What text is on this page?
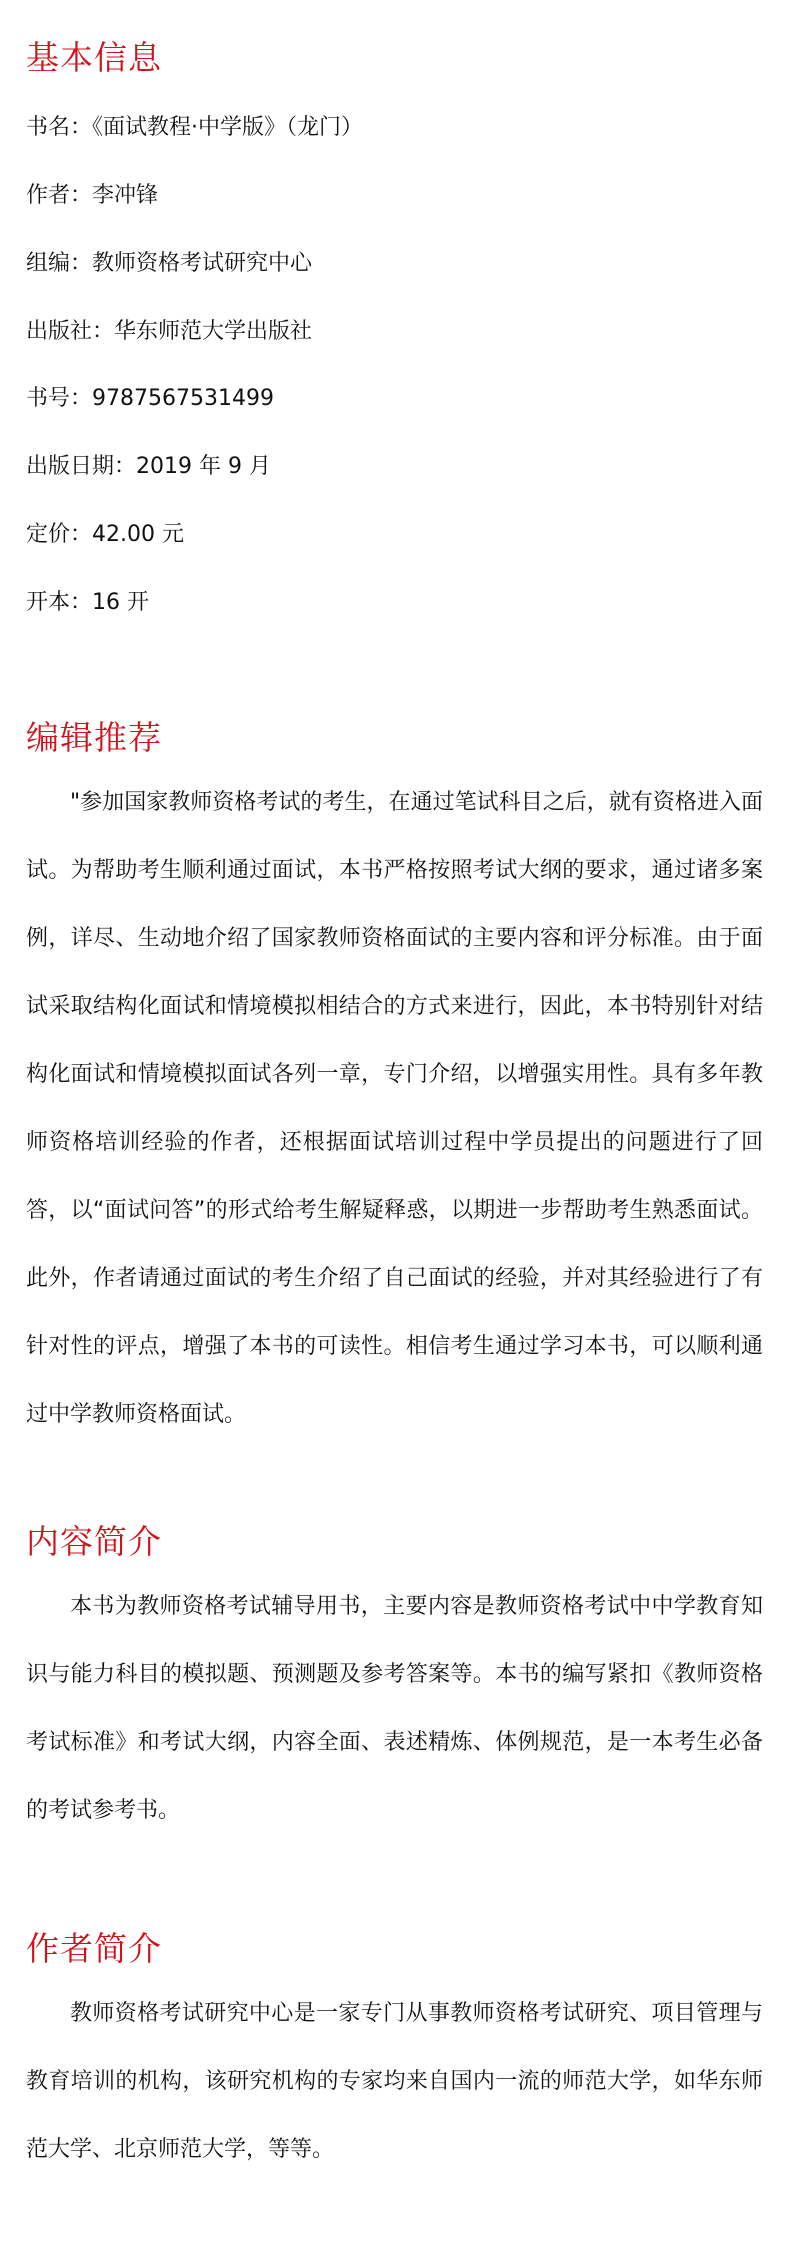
基本信息

书名：《面试教程·中学版》（龙门）

作者：李冲锋

组编：教师资格考试研究中心

出版社：华东师范大学出版社

书号：9787567531499

出版日期：2019 年 9 月

定价：42.00 元

开本：16 开

编辑推荐

"参加国家教师资格考试的考生，在通过笔试科目之后，就有资格进入面试。为帮助考生顺利通过面试，本书严格按照考试大纲的要求，通过诸多案例，详尽、生动地介绍了国家教师资格面试的主要内容和评分标准。由于面试采取结构化面试和情境模拟相结合的方式来进行，因此，本书特别针对结构化面试和情境模拟面试各列一章，专门介绍，以增强实用性。具有多年教师资格培训经验的作者，还根据面试培训过程中学员提出的问题进行了回答，以“面试问答”的形式给考生解疑释惑，以期进一步帮助考生熟悉面试。此外，作者请通过面试的考生介绍了自己面试的经验，并对其经验进行了有针对性的评点，增强了本书的可读性。相信考生通过学习本书，可以顺利通过中学教师资格面试。

内容简介

本书为教师资格考试辅导用书，主要内容是教师资格考试中中学教育知识与能力科目的模拟题、预测题及参考答案等。本书的编写紧扣《教师资格考试标准》和考试大纲，内容全面、表述精炼、体例规范，是一本考生必备的考试参考书。

作者简介

教师资格考试研究中心是一家专门从事教师资格考试研究、项目管理与教育培训的机构，该研究机构的专家均来自国内一流的师范大学，如华东师范大学、北京师范大学，等等。
